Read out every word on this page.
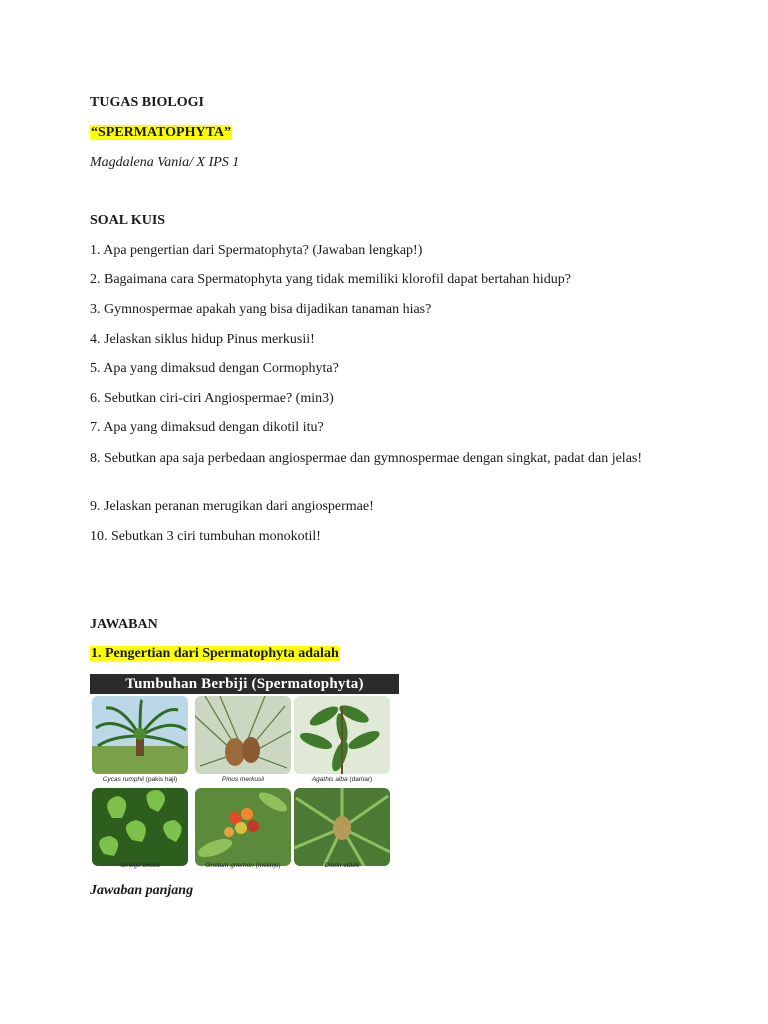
TUGAS BIOLOGI
“SPERMATOPHYTA”
Magdalena Vania/ X IPS 1
SOAL KUIS
1. Apa pengertian dari Spermatophyta? (Jawaban lengkap!)
2. Bagaimana cara Spermatophyta yang tidak memiliki klorofil dapat bertahan hidup?
3. Gymnospermae apakah yang bisa dijadikan tanaman hias?
4. Jelaskan siklus hidup Pinus merkusii!
5. Apa yang dimaksud dengan Cormophyta?
6. Sebutkan ciri-ciri Angiospermae? (min3)
7. Apa yang dimaksud dengan dikotil itu?
8. Sebutkan apa saja perbedaan angiospermae dan gymnospermae dengan singkat, padat dan jelas!
9. Jelaskan peranan merugikan dari angiospermae!
10. Sebutkan 3 ciri tumbuhan monokotil!
JAWABAN
1. Pengertian dari Spermatophyta adalah
Tumbuhan Berbiji (Spermatophyta)
Cycas rumphii (pakis haji)	Pinus merkusii	Agathis alba (damar)
Ginkgo biloba	Gnetum gnemon (melinjo)	Dioon edule
Jawaban panjang
